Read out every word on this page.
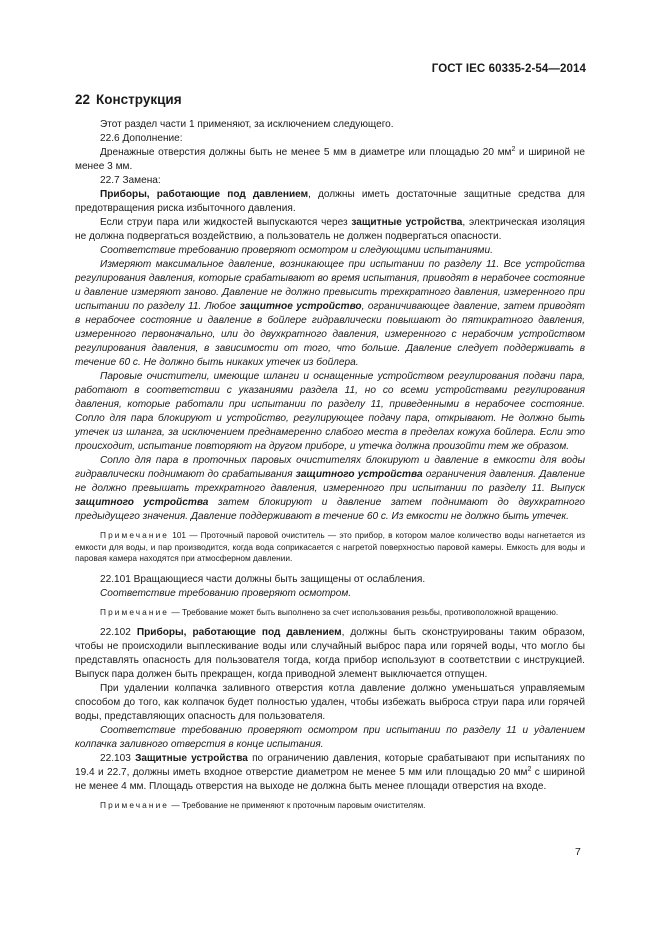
ГОСТ IEC 60335-2-54—2014
22 Конструкция

Этот раздел части 1 применяют, за исключением следующего.

22.6 Дополнение:

Дренажные отверстия должны быть не менее 5 мм в диаметре или площадью 20 $мм^2$ и шириной не менее 3 мм.

22.7 Замена:

Приборы, работающие под давлением, должны иметь достаточные защитные средства для предотвращения риска избыточного давления.

Если струи пара или жидкостей выпускаются через защитные устройства, электрическая изоляция не должна подвергаться воздействию, а пользователь не должен подвергаться опасности.

Соответствие требованию проверяют осмотром и следующими испытаниями.

Измеряют максимальное давление, возникающее при испытании по разделу 11. Все устройства регулирования давления, которые срабатывают во время испытания, приводят в нерабочее состояние и давление измеряют заново. Давление не должно превысить трехкратного давления, измеренного при испытании по разделу 11. Любое защитное устройство, ограничивающее давление, затем приводят в нерабочее состояние и давление в бойлере гидравлически повышают до пятикратного давления, измеренного первоначально, или до двухкратного давления, измеренного с нерабочим устройством регулирования давления, в зависимости от того, что больше. Давление следует поддерживать в течение 60 с. Не должно быть никаких утечек из бойлера.

Паровые очистители, имеющие шланги и оснащенные устройством регулирования подачи пара, работают в соответствии с указаниями раздела 11, но со всеми устройствами регулирования давления, которые работали при испытании по разделу 11, приведенными в нерабочее состояние. Сопло для пара блокируют и устройство, регулирующее подачу пара, открывают. Не должно быть утечек из шланга, за исключением преднамеренно слабого места в пределах кожуха бойлера. Если это происходит, испытание повторяют на другом приборе, и утечка должна произойти тем же образом.

Сопло для пара в проточных паровых очистителях блокируют и давление в емкости для воды гидравлически поднимают до срабатывания защитного устройства ограничения давления. Давление не должно превышать трехкратного давления, измеренного при испытании по разделу 11. Выпуск защитного устройства затем блокируют и давление затем поднимают до двухкратного предыдущего значения. Давление поддерживают в течение 60 с. Из емкости не должно быть утечек.

Примечание 101 — Проточный паровой очиститель — это прибор, в котором малое количество воды нагнетается из емкости для воды, и пар производится, когда вода соприкасается с нагретой поверхностью паровой камеры. Емкость для воды и паровая камера находятся при атмосферном давлении.

22.101 Вращающиеся части должны быть защищены от ослабления.

Соответствие требованию проверяют осмотром.

Примечание — Требование может быть выполнено за счет использования резьбы, противоположной вращению.

22.102 Приборы, работающие под давлением, должны быть сконструированы таким образом, чтобы не происходили выплескивание воды или случайный выброс пара или горячей воды, что могло бы представлять опасность для пользователя тогда, когда прибор используют в соответствии с инструкцией. Выпуск пара должен быть прекращен, когда приводной элемент выключается отпущен.

При удалении колпачка заливного отверстия котла давление должно уменьшаться управляемым способом до того, как колпачок будет полностью удален, чтобы избежать выброса струи пара или горячей воды, представляющих опасность для пользователя.

Соответствие требованию проверяют осмотром при испытании по разделу 11 и удалением колпачка заливного отверстия в конце испытания.

22.103 Защитные устройства по ограничению давления, которые срабатывают при испытаниях по 19.4 и 22.7, должны иметь входное отверстие диаметром не менее 5 мм или площадью 20 $мм^2$ с шириной не менее 4 мм. Площадь отверстия на выходе не должна быть менее площади отверстия на входе.

Примечание — Требование не применяют к проточным паровым очистителям.

7
